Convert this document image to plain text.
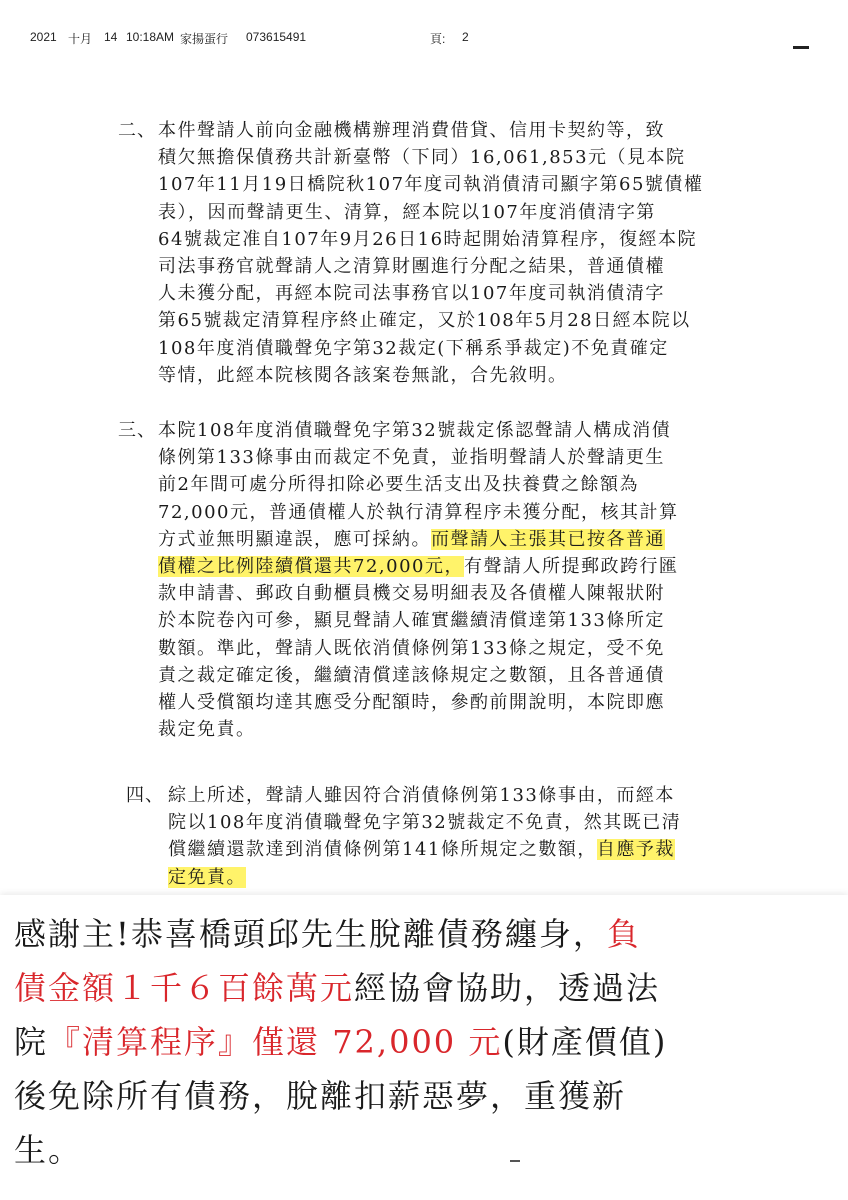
2021 十月 14 10:18AM 家揚蛋行 073615491	頁: 2
二、 本件聲請人前向金融機構辦理消費借貸、信用卡契約等，致
積欠無擔保債務共計新臺幣（下同）16,061,853元（見本院
107年11月19日橋院秋107年度司執消債清司顯字第65號債權
表），因而聲請更生、清算，經本院以107年度消債清字第
64號裁定准自107年9月26日16時起開始清算程序，復經本院
司法事務官就聲請人之清算財團進行分配之結果，普通債權
人未獲分配，再經本院司法事務官以107年度司執消債清字
第65號裁定清算程序終止確定，又於108年5月28日經本院以
108年度消債職聲免字第32裁定(下稱系爭裁定)不免責確定
等情，此經本院核閱各該案卷無訛，合先敘明。
三、 本院108年度消債職聲免字第32號裁定係認聲請人構成消債
條例第133條事由而裁定不免責，並指明聲請人於聲請更生
前2年間可處分所得扣除必要生活支出及扶養費之餘額為
72,000元，普通債權人於執行清算程序未獲分配，核其計算
方式並無明顯違誤，應可採納。而聲請人主張其已按各普通
債權之比例陸續償還共72,000元，有聲請人所提郵政跨行匯
款申請書、郵政自動櫃員機交易明細表及各債權人陳報狀附
於本院卷內可參，顯見聲請人確實繼續清償達第133條所定
數額。準此，聲請人既依消債條例第133條之規定，受不免
責之裁定確定後，繼續清償達該條規定之數額，且各普通債
權人受償額均達其應受分配額時，參酌前開說明，本院即應
裁定免責。
四、 綜上所述，聲請人雖因符合消債條例第133條事由，而經本
院以108年度消債職聲免字第32號裁定不免責，然其既已清
償繼續還款達到消債條例第141條所規定之數額，自應予裁
定免責。
感謝主!恭喜橋頭邱先生脫離債務纏身，負
債金額１千６百餘萬元經協會協助，透過法
院『清算程序』僅還 72,000 元(財產價值)
後免除所有債務，脫離扣薪惡夢，重獲新
生。
